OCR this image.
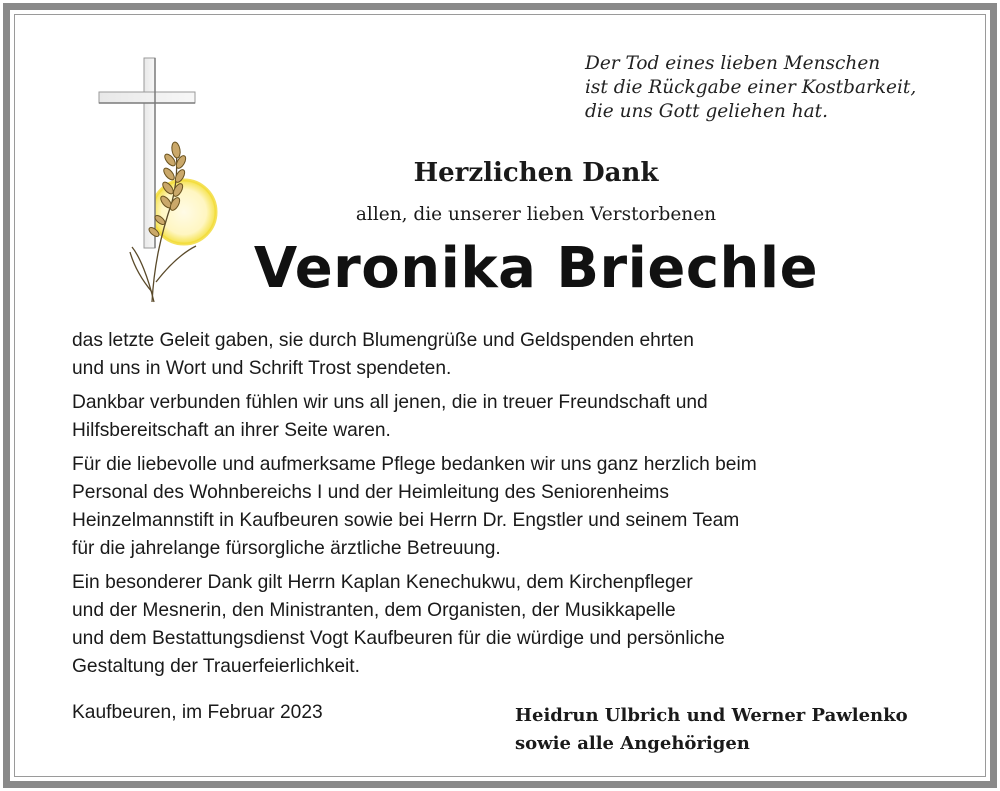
Der Tod eines lieben Menschen
ist die Rückgabe einer Kostbarkeit,
die uns Gott geliehen hat.
Herzlichen Dank
allen, die unserer lieben Verstorbenen
Veronika Briechle
das letzte Geleit gaben, sie durch Blumengrüße und Geldspenden ehrten
und uns in Wort und Schrift Trost spendeten.
Dankbar verbunden fühlen wir uns all jenen, die in treuer Freundschaft und
Hilfsbereitschaft an ihrer Seite waren.
Für die liebevolle und aufmerksame Pflege bedanken wir uns ganz herzlich beim
Personal des Wohnbereichs I und der Heimleitung des Seniorenheims
Heinzelmannstift in Kaufbeuren sowie bei Herrn Dr. Engstler und seinem Team
für die jahrelange fürsorgliche ärztliche Betreuung.
Ein besonderer Dank gilt Herrn Kaplan Kenechukwu, dem Kirchenpfleger
und der Mesnerin, den Ministranten, dem Organisten, der Musikkapelle
und dem Bestattungsdienst Vogt Kaufbeuren für die würdige und persönliche
Gestaltung der Trauerfeierlichkeit.
Kaufbeuren, im Februar 2023	Heidrun Ulbrich und Werner Pawlenko
sowie alle Angehörigen
